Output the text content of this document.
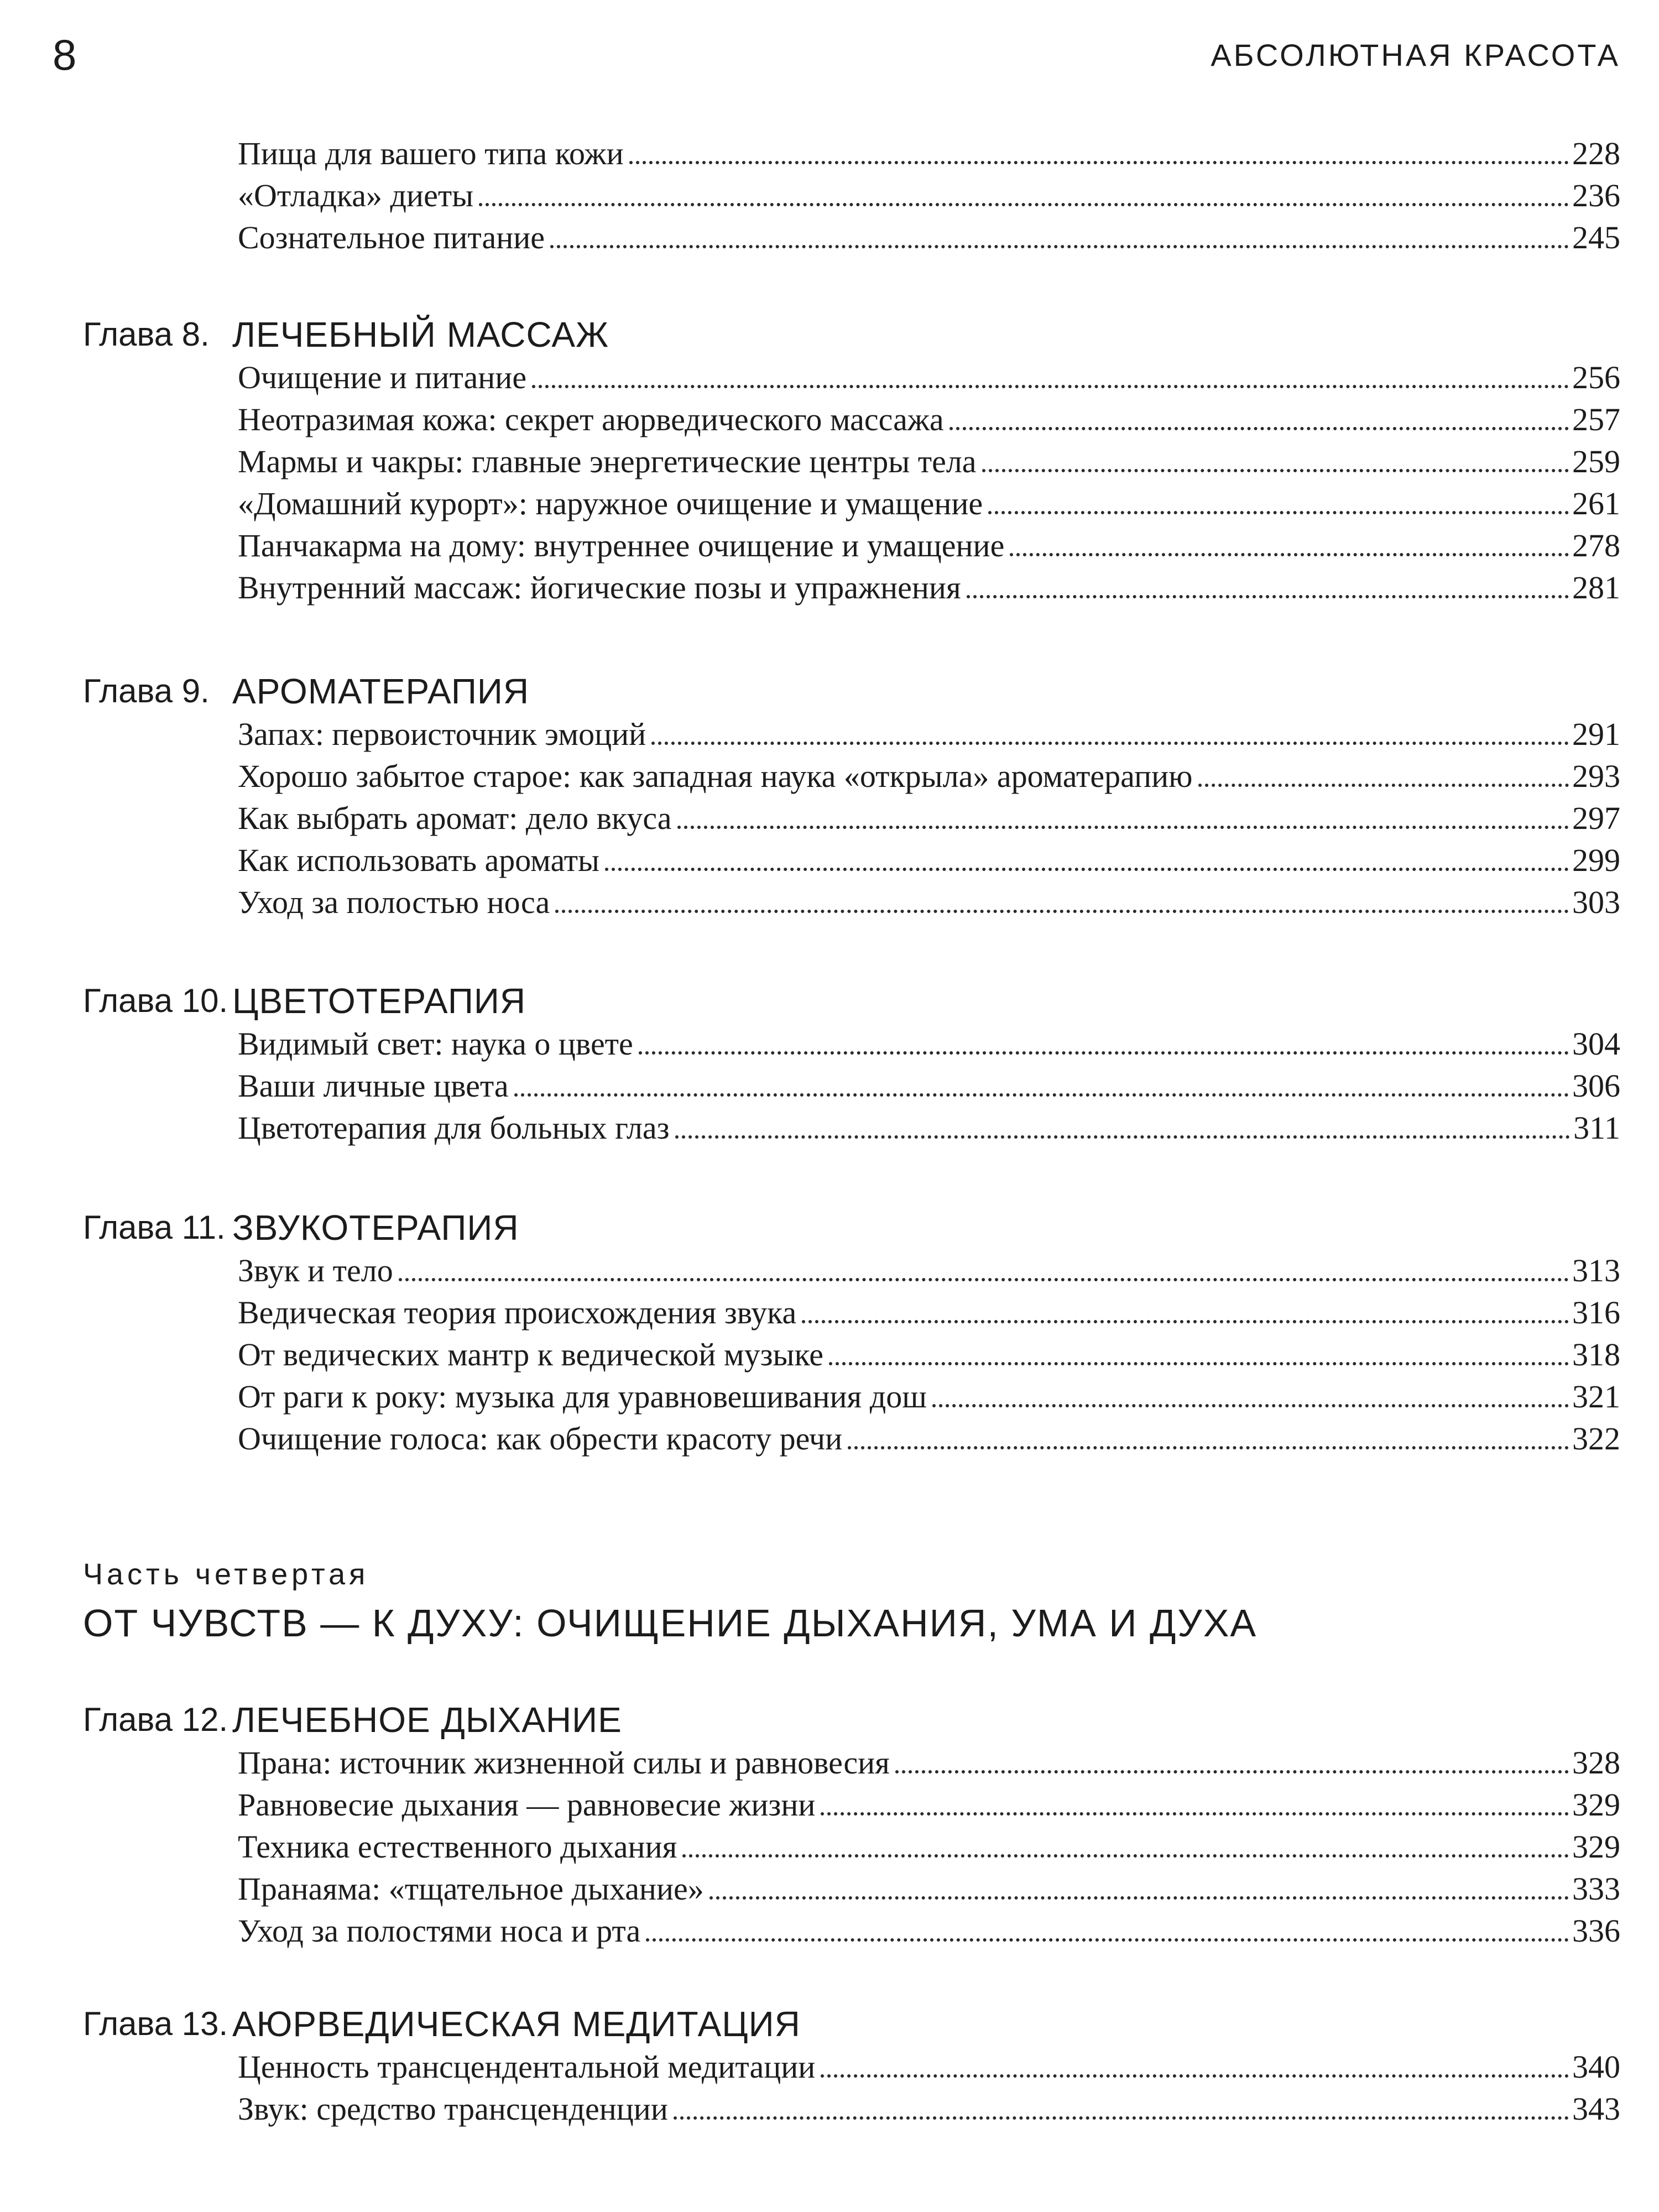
8	АБСОЛЮТНАЯ КРАСОТА
Пища для вашего типа кожи	228
«Отладка» диеты	236
Сознательное питание	245
Глава 8. ЛЕЧЕБНЫЙ МАССАЖ
Очищение и питание	256
Неотразимая кожа: секрет аюрведического массажа	257
Мармы и чакры: главные энергетические центры тела	259
«Домашний курорт»: наружное очищение и умащение	261
Панчакарма на дому: внутреннее очищение и умащение	278
Внутренний массаж: йогические позы и упражнения	281
Глава 9. АРОМАТЕРАПИЯ
Запах: первоисточник эмоций	291
Хорошо забытое старое: как западная наука «открыла» ароматерапию	293
Как выбрать аромат: дело вкуса	297
Как использовать ароматы	299
Уход за полостью носа	303
Глава 10. ЦВЕТОТЕРАПИЯ
Видимый свет: наука о цвете	304
Ваши личные цвета	306
Цветотерапия для больных глаз	311
Глава 11. ЗВУКОТЕРАПИЯ
Звук и тело	313
Ведическая теория происхождения звука	316
От ведических мантр к ведической музыке	318
От раги к року: музыка для уравновешивания дош	321
Очищение голоса: как обрести красоту речи	322
Часть четвертая
ОТ ЧУВСТВ — К ДУХУ: ОЧИЩЕНИЕ ДЫХАНИЯ, УМА И ДУХА
Глава 12. ЛЕЧЕБНОЕ ДЫХАНИЕ
Прана: источник жизненной силы и равновесия	328
Равновесие дыхания — равновесие жизни	329
Техника естественного дыхания	329
Пранаяма: «тщательное дыхание»	333
Уход за полостями носа и рта	336
Глава 13. АЮРВЕДИЧЕСКАЯ МЕДИТАЦИЯ
Ценность трансцендентальной медитации	340
Звук: средство трансценденции	343
